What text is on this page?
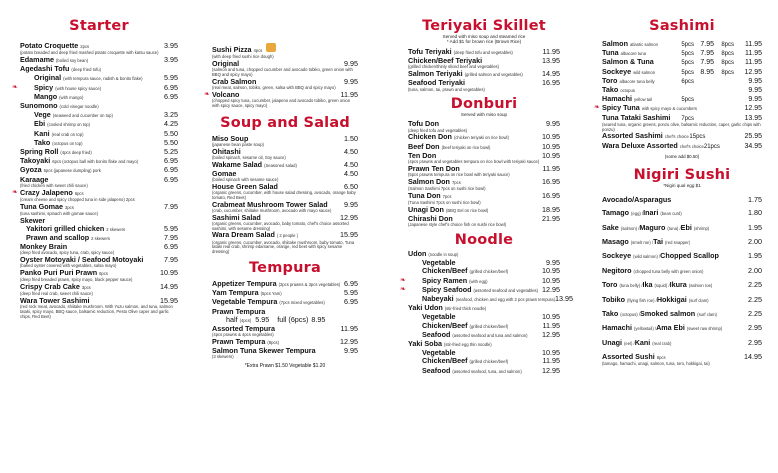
Starter
Potato Croquette 2pcs	3.95
(potato breaded and deep fried mashed potato croquette with katsu sauce)
Edamame (boiled soy bean)	3.95
Agedashi Tofu (deep fried tofu)
Original (with tempura sauce, radish & bonito flake)	5.95
❧	Spicy (with house spicy sauce)	6.95
Mango (with mango)	6.95
Sunomono (cold vinegar noodle)
Vege (seaweed and cucumber on top)	3.25
Ebi (cooked shrimp on top)	4.25
Kani (real crab on top)	5.50
Tako (octopus on top)	5.50
Spring Roll (4pcs deep fried)	5.25
Takoyaki 6pcs (octopus ball with bonito flake and mayo)	6.95
Gyoza 5pcs (japanese dumpling) pork	6.95
Karaage	6.95
(fried chicken with sweet chili sauce)
❧ Crazy Jalapeno 6pcs
(cream cheese and spicy chopped tuna in side jalapeno) 2pcs
Tuna Gomae 3pcs	7.95
(tuna sashimi, spinach with gomae sauce)
Skewer
Yakitori grilled chicken 2 skewers	5.95
Prawn and scallop 2 skewers	7.95
Monkey Brain	6.95
(deep fried avocado, spicy tuna, crab, spicy sauce)
Oyster Motoyaki / Seafood Motoyaki	7.95
(baked oyster covered with vegetables, salsa mayo)
Panko Puri Puri Prawn 6pcs	10.95
(deep fried breaded prawn, spicy mayo, black pepper sauce)
Crispy Crab Cake 3pcs	14.95
(deep fried real crab, sweet chili sauce)
Wara Tower Sashimi	15.95
(red rock meat, avocado, shiitake mushroom. With Yuzu salmon, and tuna, salmon tataki, spicy mayo, BBQ sauce, balsamic reduction, Pesto Olive caper and garlic chips, Red Beet)
Sushi Pizza 4pcs
(with deep fried sushi rice dough)
Original	9.95
(salmon and tuna, chopped cucumber and avocado tobiko, green onion with BBQ and spicy mayo)
Crab Salmon	9.95
(real meat, salmon, tobiko, green, salsa with BBQ and spicy mayo)
❧ Volcano	11.95
(chopped spicy tuna, cucumber, jalapeno and avocado tobiko, green onion with spicy sauce, spicy mayo)
Soup and Salad
Miso Soup	1.50
(japanese bean paste soup)
Ohitashi	4.50
(boiled spinach, sesame oil, Soy sauce)
Wakame Salad (Seasoned salad)	4.50
Gomae	4.50
(boiled spinach with sesame sauce)
House Green Salad	6.50
(organic greens, cucumber, with house salad dressing, avocado, orange baby tomato, Red Beet)
Crabmeat Mushroom Tower Salad 9.95
(crab, cucumber, shiitake mushroom, avocado with mayo sauce)
Sashimi Salad	12.95
(organic greens, cucumber, avocado, baby tomato, chef's choice assorted sashimi, with sesame dressing)
Wara Dream Salad ( 2 people )	15.95
(organic greens, cucumber, avocado, shiitake mushroom, baby tomato, Tuna tataki real crab, shrimp edamame, orange, red beet with spicy sesame dressing)
Tempura
Appetizer Tempura (2pcs prawns & 3pcs vegetables) 6.95
Yam Tempura (5pcs Yam)	5.95
Vegetable Tempura (7pcs mixed vegetables)	6.95
Prawn Tempura
half (4pcs) 5.95 full (6pcs) 8.95
Assorted Tempura	11.95
(4pcs prawns & 4pcs vegetables)
Prawn Tempura (8pcs)	12.95
Salmon Tuna Skewer Tempura	9.95
(3 skewers)
*Extra Prawn $1.50 Vegetable $1.20
Teriyaki Skillet
Served with miso soup and steamed rice
* Add $1 for brown rice (Brown Rice)
Tofu Teriyaki (deep fried tofu and vegetables)	11.95
Chicken/Beef Teriyaki	13.95
(grilled chicken/thinly sliced beef and vegetables)
Salmon Teriyaki (grilled salmon and vegetables)	14.95
Seafood Teriyaki	16.95
(tuna, salmon, tai, prawn and vegetables)
Donburi
Served with miso soup
Tofu Don	9.95
(deep fried tofu and vegetables)
Chicken Don (chicken teriyaki on rice bowl)	10.95
Beef Don (beef teriyaki on rice bowl)	10.95
Ten Don	10.95
(4pcs prawns and vegetables tempura on rice bowl with teriyaki sauce)
Prawn Ten Don	11.95
(5pcs prawns tempura on rice bowl with teriyaki sauce)
Salmon Don 7pcs	16.95
(Salmon Sashimi 7pcs on sushi rice bowl)
Tuna Don 7pcs	16.95
(Tuna Sashimi 7pcs on sushi rice bowl)
Unagi Don (BBQ Eel on rice bowl)	18.95
Chirashi Don	21.95
(Japanese style chef's choice fish on sushi rice bowl)
Noodle
Udon (noodle in soup)
Vegetable	9.95
Chicken/Beef (grilled chicken/beef)	10.95
❧	Spicy Ramen (with egg)	10.95
❧	Spicy Seafood (assorted seafood and vegetables) 12.95
Nabeyaki (seafood, chicken and egg with 2 pcs prawn tempura) 13.95
Yaki Udon (stir-fried thick noodle)
Vegetable	10.95
Chicken/Beef (grilled chicken/beef)	11.95
Seafood (assorted seafood and tuna and salmon) 12.95
Yaki Soba (stir-fried egg thin noodle)
Vegetable	10.95
Chicken/Beef (grilled chicken/beef)	11.95
Seafood (assorted seafood, tuna, and salmon)	12.95
Sashimi
Salmon atlantic salmon	5pcs 7.95	8pcs	11.95
Tuna albacore tuna	5pcs 7.95	8pcs	11.95
Salmon & Tuna	5pcs 7.95	8pcs	11.95
Sockeye wild salmon	5pcs 8.95	8pcs	12.95
Toro albacore tuna belly	6pcs	9.95
Tako octopus	9.95
Hamachi yellow tail	5pcs	9.95
❧ Spicy Tuna with spicy mayo & cucumbers	12.95
Tuna Tataki Sashimi	7pcs	13.95
(seared tuna, organic greens, ponzu olive, balsamic reduction, caper, garlic chips with ponzu)
Assorted Sashimi chef's choice 15pcs	25.95
Wara Deluxe Assorted chef's choice 21pcs	34.95
(some add $0.50)
Nigiri Sushi
*Nigiri qual egg $1
Avocado/Asparagus	1.75
Tamago (egg) / Inari (bean curd)	1.80
Sake (salmon) / Maguro (tuna) / Ebi (shrimp)	1.95
Masago (smelt roe) / Tai (red snapper)	2.00
Sockeye (wild salmon) / Chopped Scallop	1.95
Negitoro (chopped tuna belly with green onion)	2.00
Toro (tuna belly) / Ika (squid) / Ikura (salmon roe)	2.25
Tobiko (flying fish roe) / Hokkigai (surf clam)	2.25
Tako (octopus) / Smoked salmon (surf clam)	2.25
Hamachi (yellowtail) / Ama Ebi (sweet raw shrimp)	2.95
Unagi (eel) / Kani (real crab)	2.95
Assorted Sushi 8pcs	14.95
(tamago, hamachi, unagi, salmon, tuna, toro, hokkigai, tai)
